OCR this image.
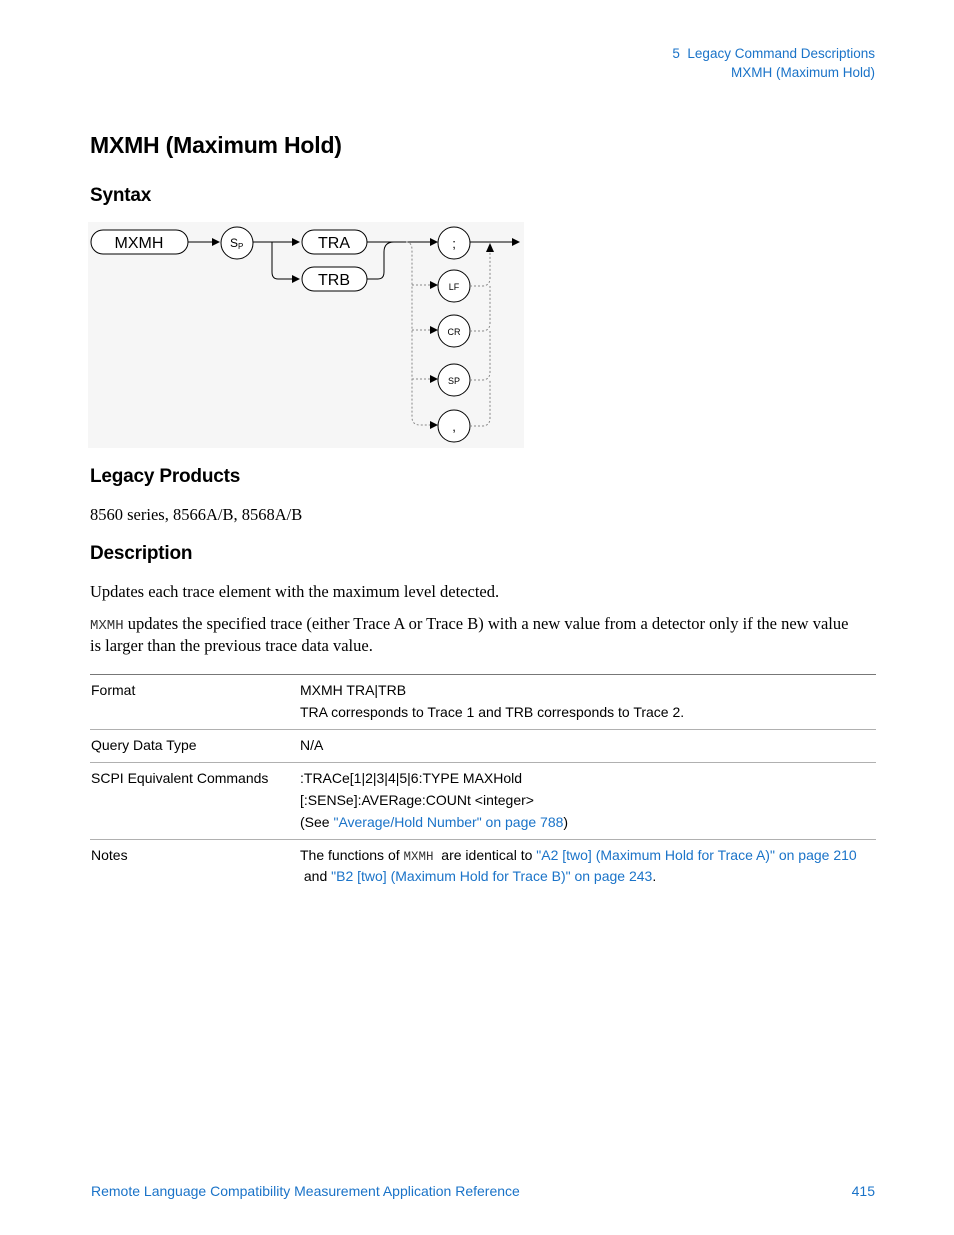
5  Legacy Command Descriptions
MXMH (Maximum Hold)
MXMH (Maximum Hold)
Syntax
MXMH	S P	TRA
TRB
;
LF
CR
SP
,
Legacy Products
8560 series, 8566A/B, 8568A/B
Description
Updates each trace element with the maximum level detected.
MXMH updates the specified trace (either Trace A or Trace B) with a new value from a detector only if the new value is larger than the previous trace data value.
Format	MXMH TRA|TRB
TRA corresponds to Trace 1 and TRB corresponds to Trace 2.

Query Data Type	N/A
SCPI Equivalent Commands	:TRACe[1|2|3|4|5|6:TYPE MAXHold
[:SENSe]:AVERage:COUNt <integer>
(See "Average/Hold Number" on page 788)

Notes	The functions of MXMH  are identical to "A2 [two] (Maximum Hold for Trace A)" on page 210 and "B2 [two] (Maximum Hold for Trace B)" on page 243.
Remote Language Compatibility Measurement Application Reference	415
